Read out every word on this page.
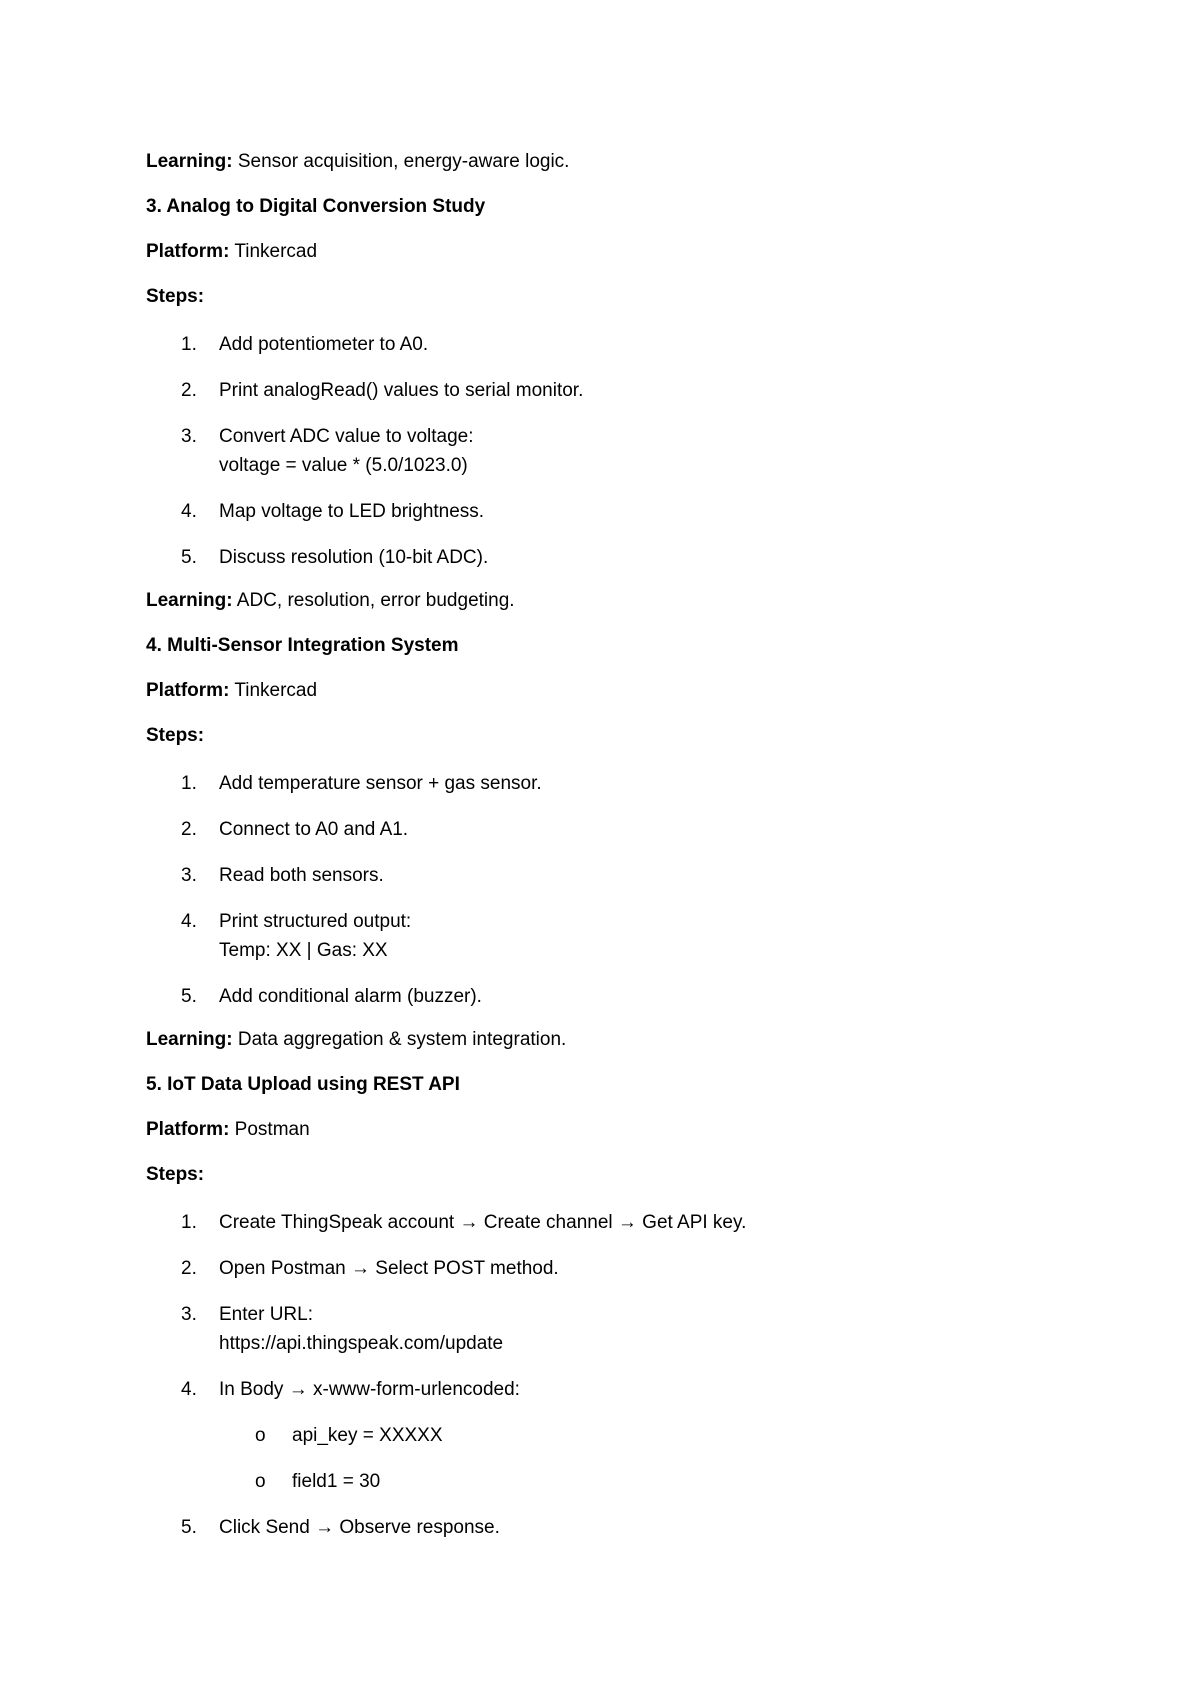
Learning: Sensor acquisition, energy-aware logic.
3. Analog to Digital Conversion Study
Platform: Tinkercad
Steps:
1.	Add potentiometer to A0.
2.	Print analogRead() values to serial monitor.
3.	Convert ADC value to voltage:
voltage = value * (5.0/1023.0)
4.	Map voltage to LED brightness.
5.	Discuss resolution (10-bit ADC).
Learning: ADC, resolution, error budgeting.
4. Multi-Sensor Integration System
Platform: Tinkercad
Steps:
1.	Add temperature sensor + gas sensor.
2.	Connect to A0 and A1.
3.	Read both sensors.
4.	Print structured output:
Temp: XX | Gas: XX
5.	Add conditional alarm (buzzer).
Learning: Data aggregation & system integration.
5. IoT Data Upload using REST API
Platform: Postman
Steps:
1.	Create ThingSpeak account → Create channel → Get API key.
2.	Open Postman → Select POST method.
3.	Enter URL:
https://api.thingspeak.com/update
4.	In Body → x-www-form-urlencoded:
o api_key = XXXXX
o field1 = 30
5.	Click Send → Observe response.
